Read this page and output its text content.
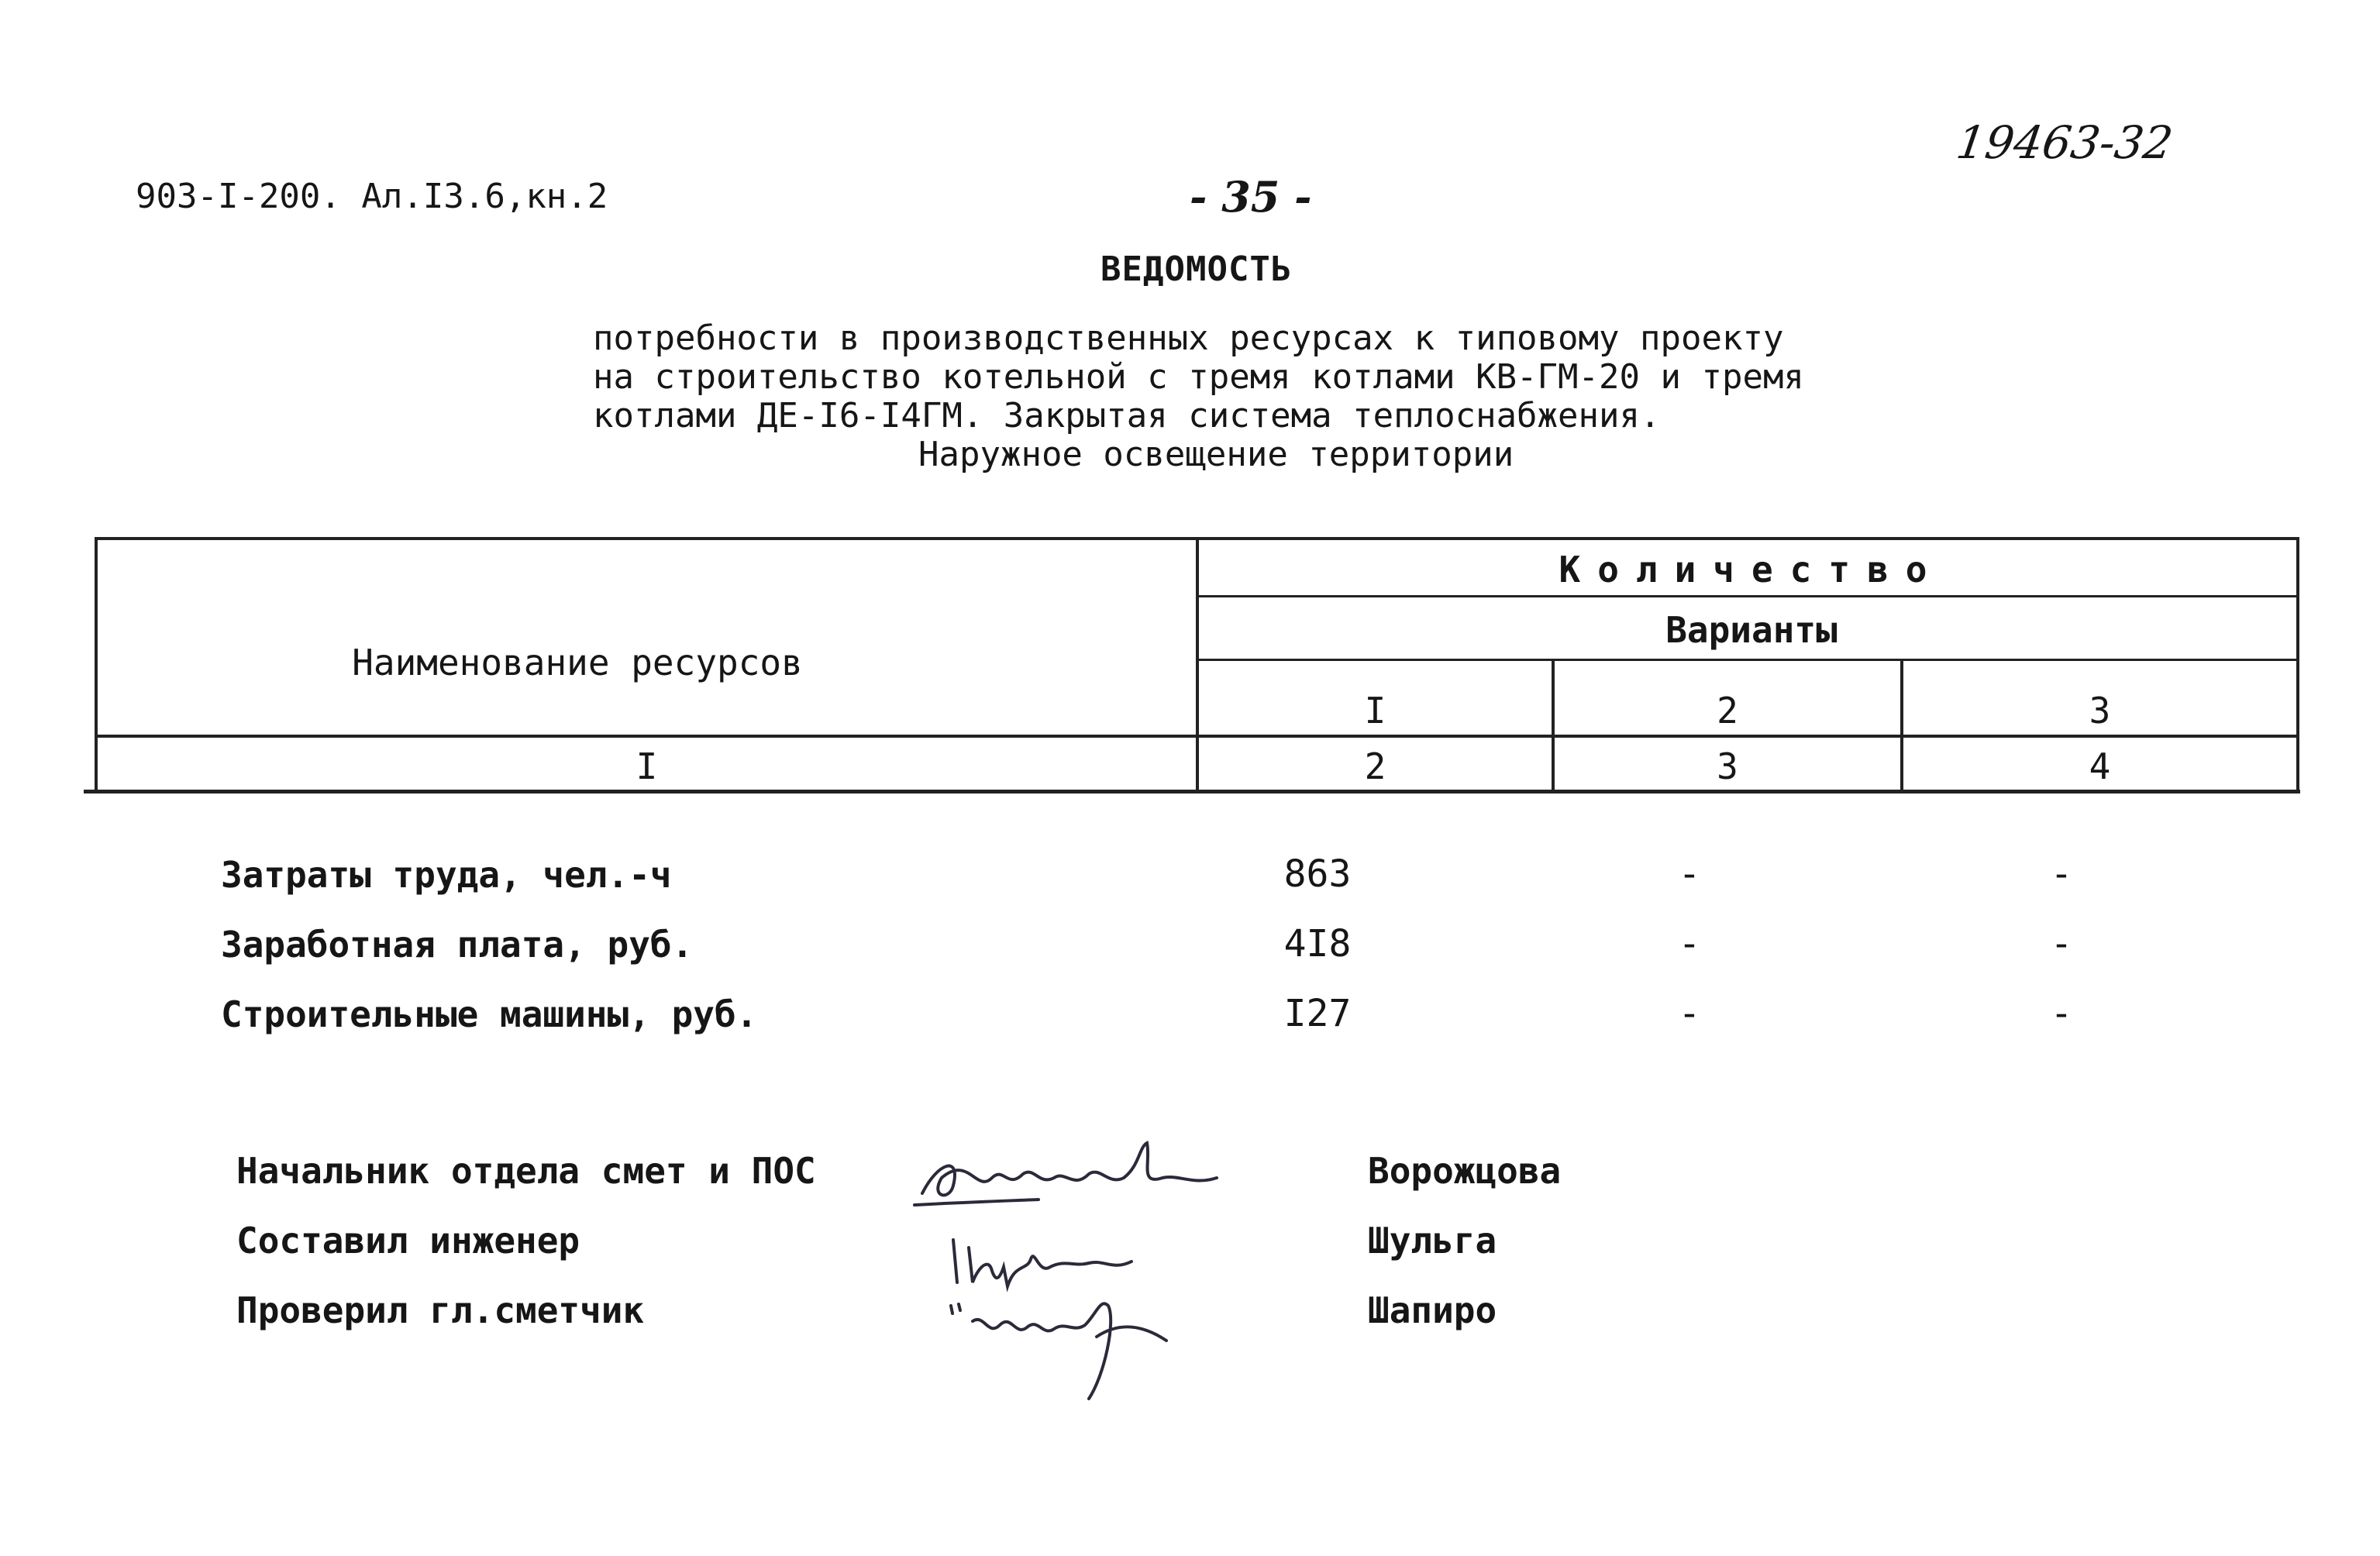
903-I-200. Ал.I3.6,кн.2	- 35 -
19463-32
ВЕДОМОСТЬ
потребности в производственных ресурсах к типовому проекту
на строительство котельной с тремя котлами КВ-ГМ-20 и тремя
котлами ДЕ-I6-I4ГМ. Закрытая система теплоснабжения.
Наружное освещение территории
Наименование ресурсов
Количество
Варианты
I	2	3
I	2	3	4
Затраты труда, чел.-ч	863	-	-
Заработная плата, руб.	4I8	-	-
Строительные машины, руб.	I27	-	-
Начальник отдела смет и ПОС	Ворожцова
Составил инженер	Шульга
Проверил гл.сметчик	Шапиро
